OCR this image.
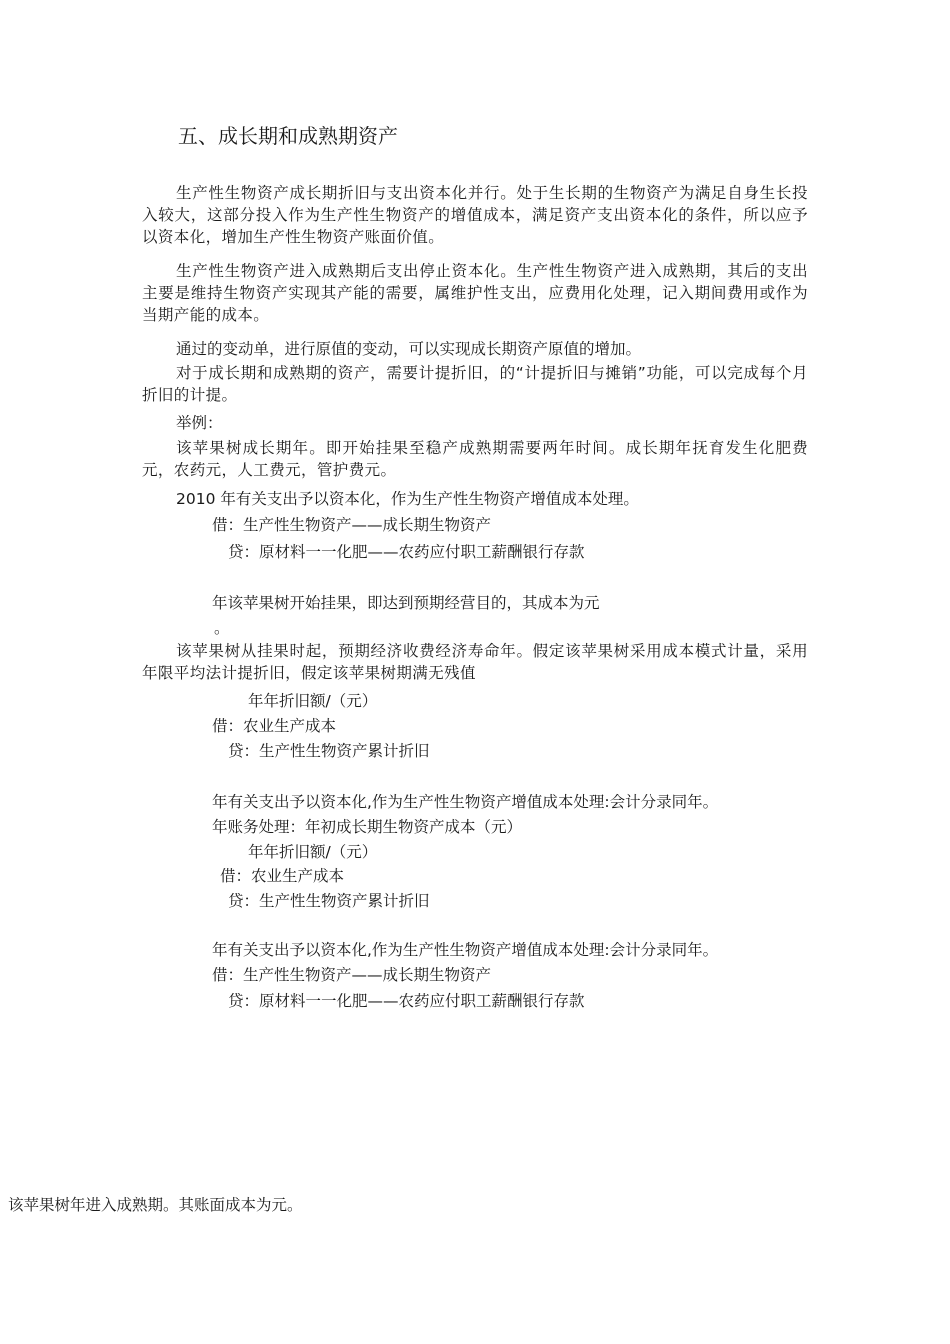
五、成长期和成熟期资产
生产性生物资产成长期折旧与支出资本化并行。处于生长期的生物资产为满足自身生长投入较大，这部分投入作为生产性生物资产的增值成本，满足资产支出资本化的条件，所以应予以资本化，增加生产性生物资产账面价值。
生产性生物资产进入成熟期后支出停止资本化。生产性生物资产进入成熟期，其后的支出主要是维持生物资产实现其产能的需要，属维护性支出，应费用化处理，记入期间费用或作为当期产能的成本。
通过的变动单，进行原值的变动，可以实现成长期资产原值的增加。
对于成长期和成熟期的资产，需要计提折旧，的“计提折旧与摊销”功能，可以完成每个月折旧的计提。
举例：
该苹果树成长期年。即开始挂果至稳产成熟期需要两年时间。成长期年抚育发生化肥费元，农药元，人工费元，管护费元。
2010 年有关支出予以资本化，作为生产性生物资产增值成本处理。
借：生产性生物资产——成长期生物资产
贷：原材料一一化肥——农药应付职工薪酬银行存款
年该苹果树开始挂果，即达到预期经营目的，其成本为元
。
该苹果树从挂果时起，预期经济收费经济寿命年。假定该苹果树采用成本模式计量，采用年限平均法计提折旧，假定该苹果树期满无残值
年年折旧额/（元）
借：农业生产成本
贷：生产性生物资产累计折旧
年有关支出予以资本化,作为生产性生物资产增值成本处理:会计分录同年。
年账务处理：年初成长期生物资产成本（元）
年年折旧额/（元）
借：农业生产成本
贷：生产性生物资产累计折旧
年有关支出予以资本化,作为生产性生物资产增值成本处理:会计分录同年。
借：生产性生物资产——成长期生物资产
贷：原材料一一化肥——农药应付职工薪酬银行存款
该苹果树年进入成熟期。其账面成本为元。
